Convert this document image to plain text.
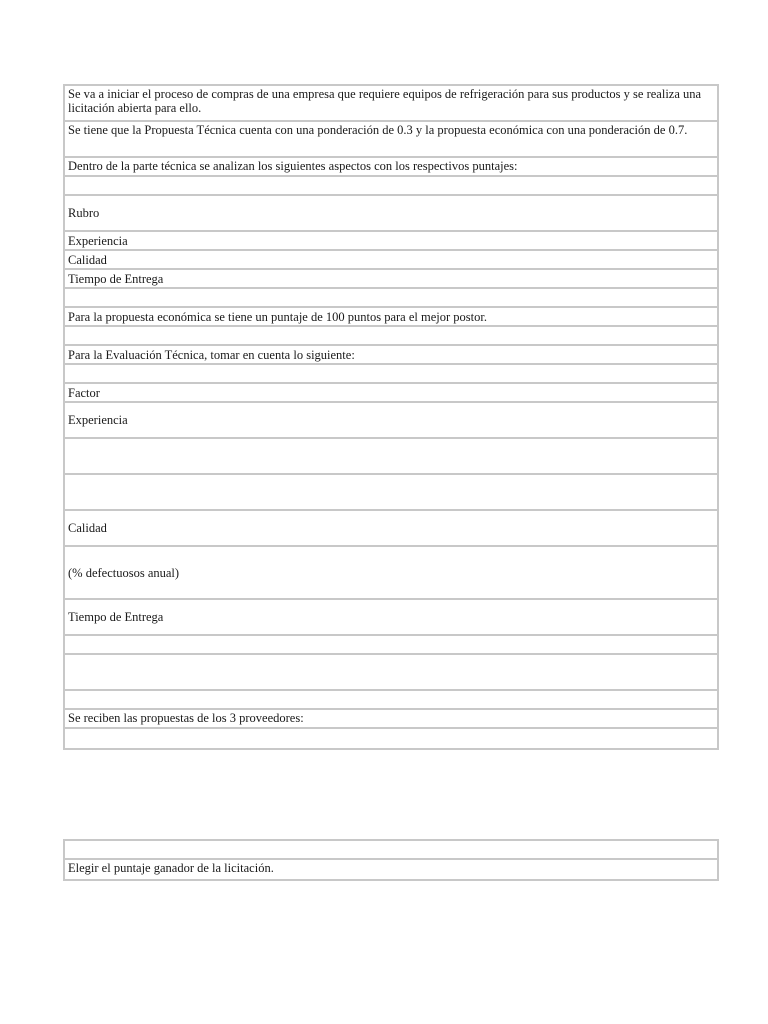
Se va a iniciar el proceso de compras de una empresa que requiere equipos de refrigeración para sus productos y se realiza una licitación abierta para ello.
Se tiene que la Propuesta Técnica cuenta con una ponderación de 0.3 y la propuesta económica con una ponderación de 0.7.
Dentro de la parte técnica se analizan los siguientes aspectos con los respectivos puntajes:
Rubro
Experiencia
Calidad
Tiempo de Entrega
Para la propuesta económica se tiene un puntaje de 100 puntos para el mejor postor.
Para la Evaluación Técnica, tomar en cuenta lo siguiente:
Factor
Experiencia
Calidad
(% defectuosos anual)
Tiempo de Entrega
Se reciben las propuestas de los 3 proveedores:
Elegir el puntaje ganador de la licitación.
